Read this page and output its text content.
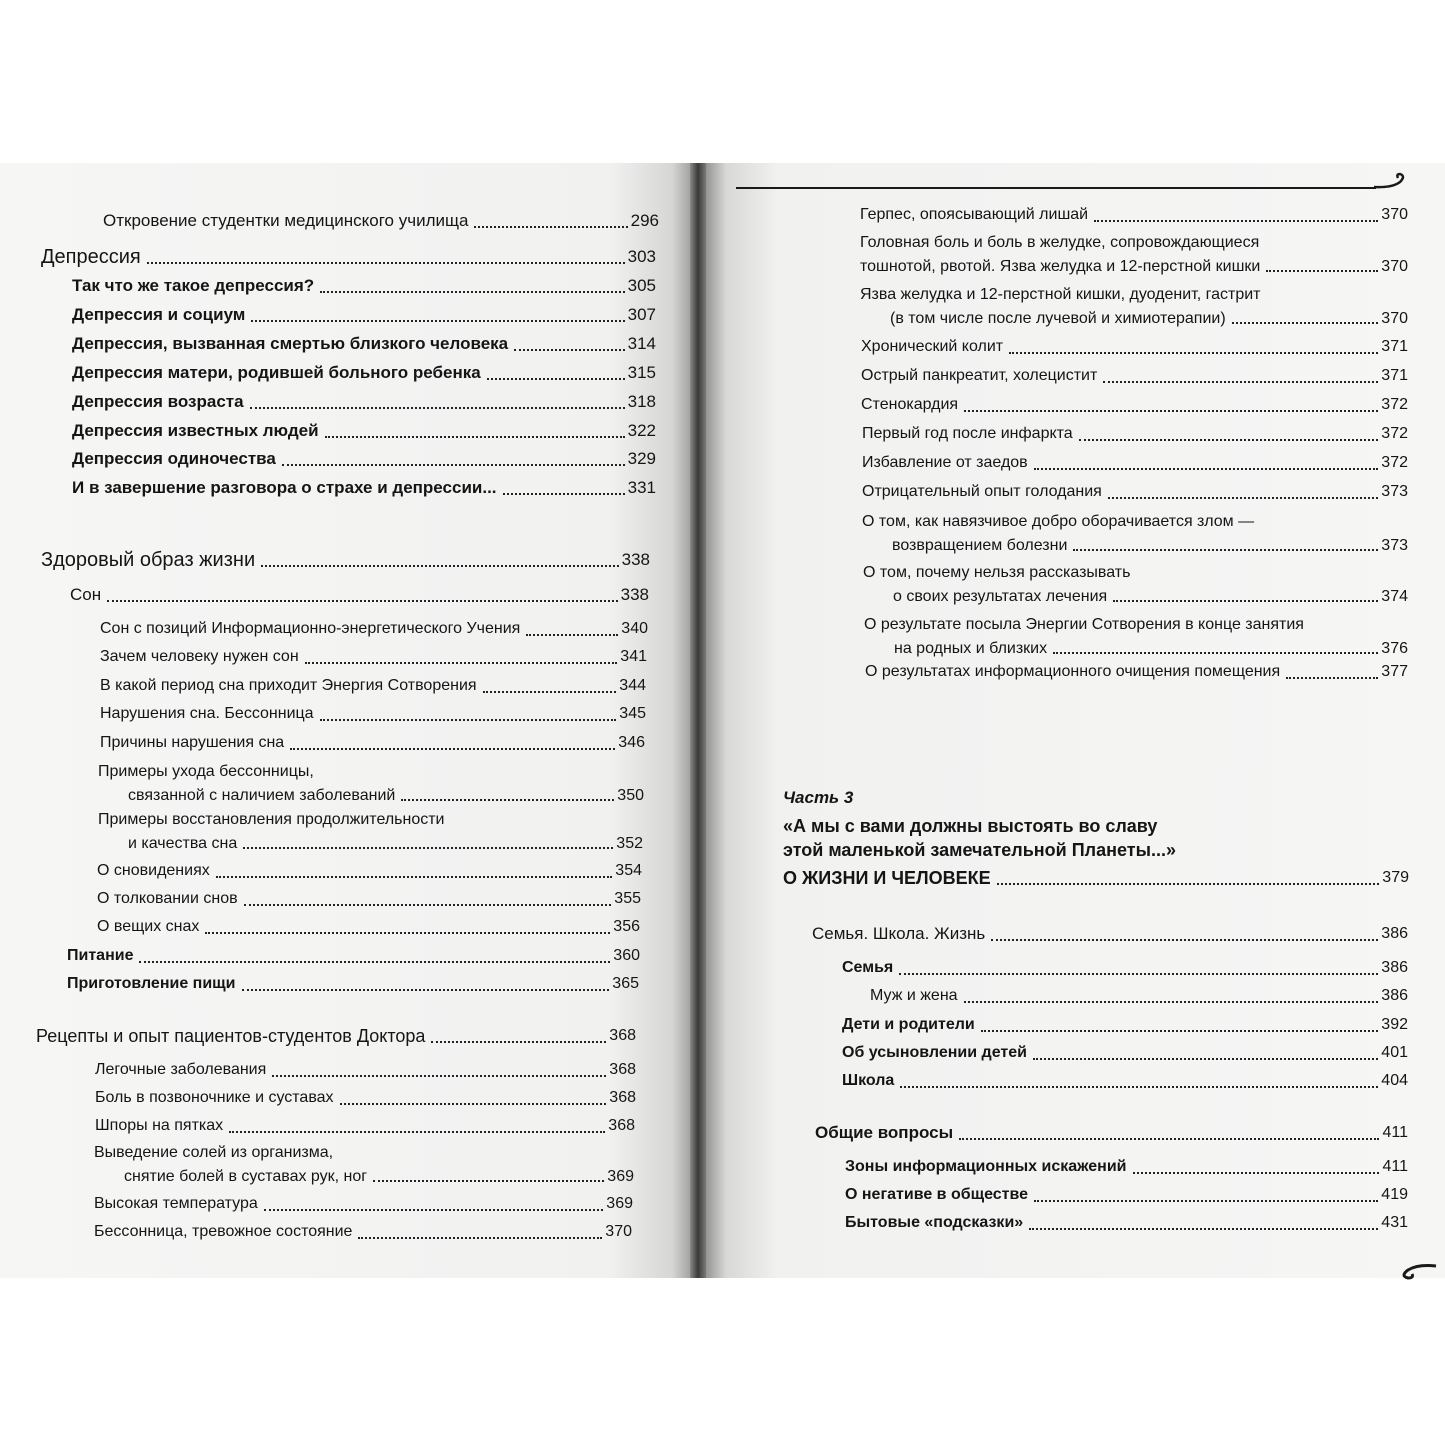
Откровение студентки медицинского училища	296
Депрессия	303
Так что же такое депрессия?	305
Депрессия и социум	307
Депрессия, вызванная смертью близкого человека	314
Депрессия матери, родившей больного ребенка	315
Депрессия возраста	318
Депрессия известных людей	322
Депрессия одиночества	329
И в завершение разговора о страхе и депрессии...	331
Здоровый образ жизни	338
Сон	338
Сон с позиций Информационно-энергетического Учения	340
Зачем человеку нужен сон	341
В какой период сна приходит Энергия Сотворения	344
Нарушения сна. Бессонница	345
Причины нарушения сна	346
Примеры ухода бессонницы,
связанной с наличием заболеваний	350
Примеры восстановления продолжительности
и качества сна	352
О сновидениях	354
О толковании снов	355
О вещих снах	356
Питание	360
Приготовление пищи	365
Рецепты и опыт пациентов-студентов Доктора	368
Легочные заболевания	368
Боль в позвоночнике и суставах	368
Шпоры на пятках	368
Выведение солей из организма,
снятие болей в суставах рук, ног	369
Высокая температура	369
Бессонница, тревожное состояние	370
Герпес, опоясывающий лишай	370
Головная боль и боль в желудке, сопровождающиеся
тошнотой, рвотой. Язва желудка и 12-перстной кишки	370
Язва желудка и 12-перстной кишки, дуоденит, гастрит
(в том числе после лучевой и химиотерапии)	370
Хронический колит	371
Острый панкреатит, холецистит	371
Стенокардия	372
Первый год после инфаркта	372
Избавление от заедов	372
Отрицательный опыт голодания	373
О том, как навязчивое добро оборачивается злом —
возвращением болезни	373
О том, почему нельзя рассказывать
о своих результатах лечения	374
О результате посыла Энергии Сотворения в конце занятия
на родных и близких	376
О результатах информационного очищения помещения	377
Часть 3
«А мы с вами должны выстоять во славу
этой маленькой замечательной Планеты...»
О ЖИЗНИ И ЧЕЛОВЕКЕ	379
Семья. Школа. Жизнь	386
Семья	386
Муж и жена	386
Дети и родители	392
Об усыновлении детей	401
Школа	404
Общие вопросы	411
Зоны информационных искажений	411
О негативе в обществе	419
Бытовые «подсказки»	431
